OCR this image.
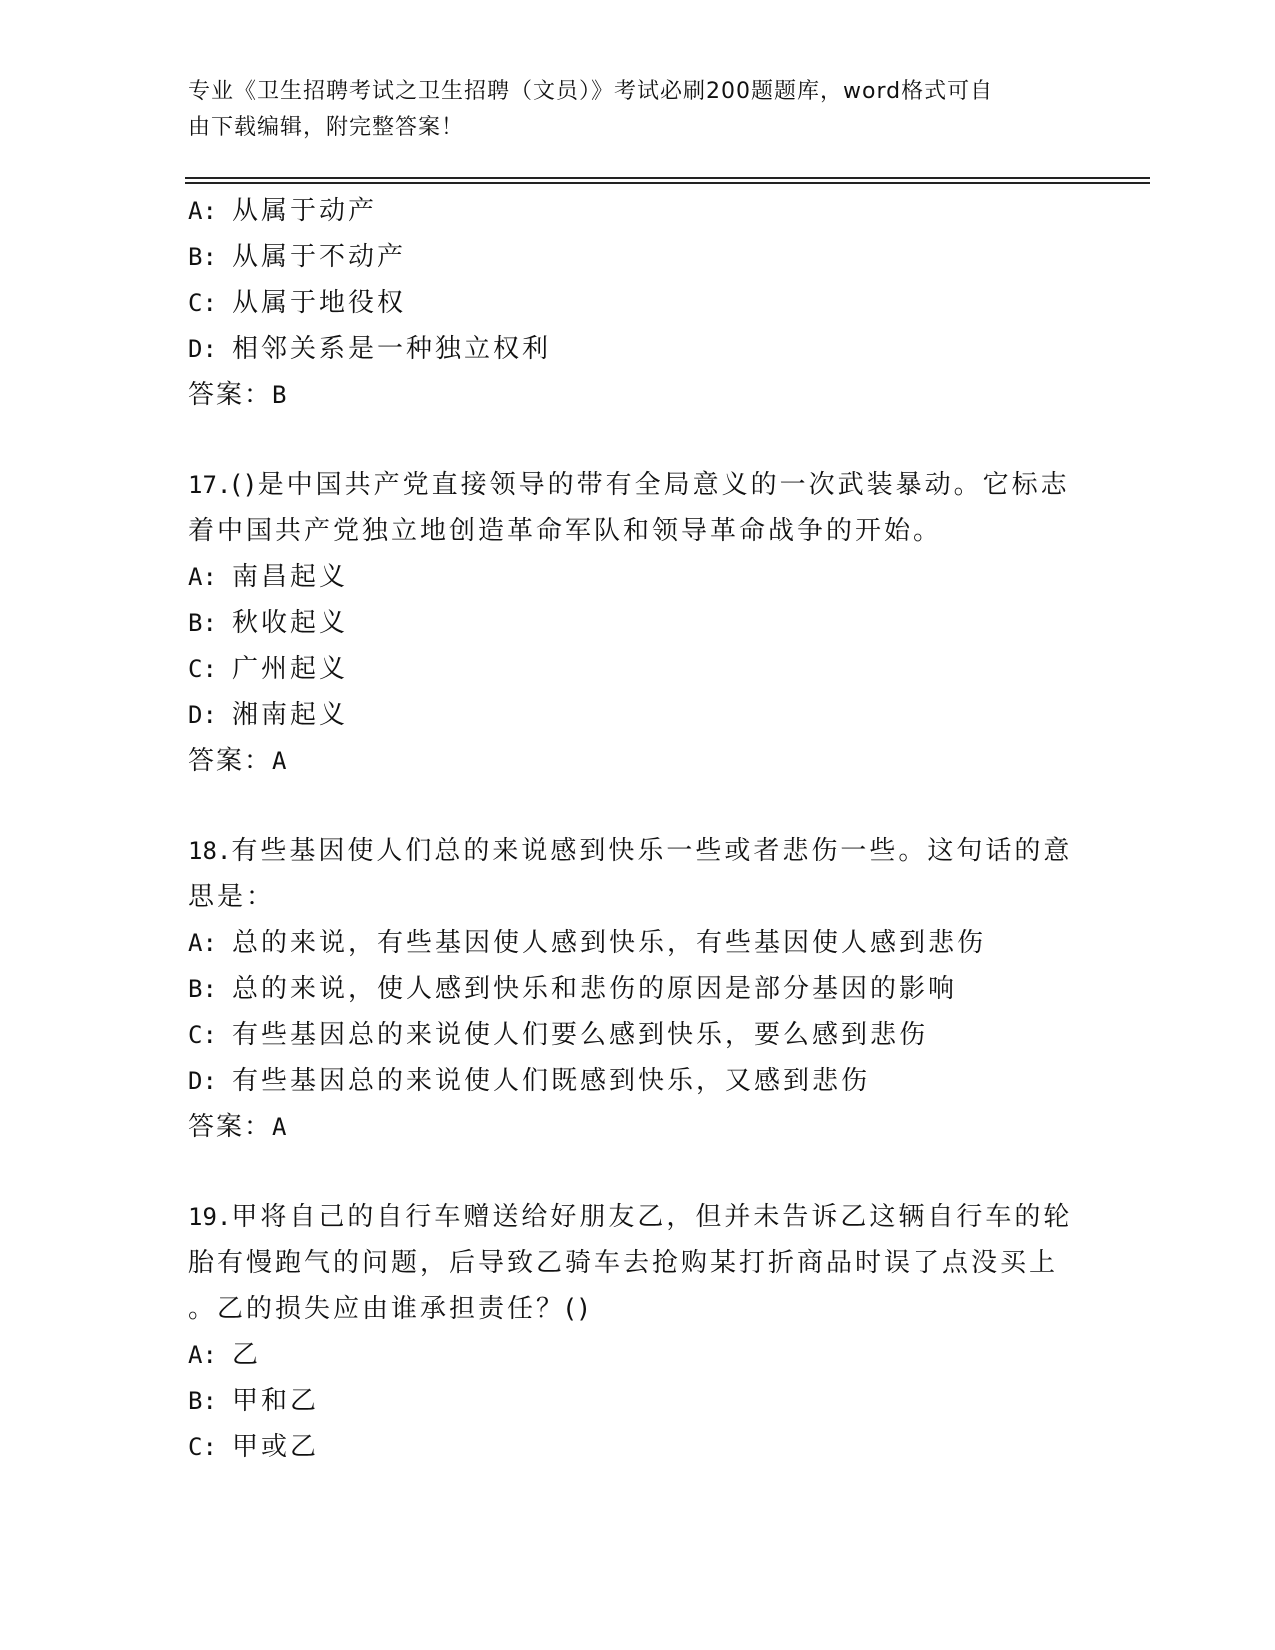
专业《卫生招聘考试之卫生招聘（文员）》考试必刷200题题库，word格式可自
由下载编辑，附完整答案！
A: 从属于动产
B: 从属于不动产
C: 从属于地役权
D: 相邻关系是一种独立权利
答案：B
17.()是中国共产党直接领导的带有全局意义的一次武装暴动。它标志
着中国共产党独立地创造革命军队和领导革命战争的开始。
A: 南昌起义
B: 秋收起义
C: 广州起义
D: 湘南起义
答案：A
18.有些基因使人们总的来说感到快乐一些或者悲伤一些。这句话的意
思是：
A: 总的来说，有些基因使人感到快乐，有些基因使人感到悲伤
B: 总的来说，使人感到快乐和悲伤的原因是部分基因的影响
C: 有些基因总的来说使人们要么感到快乐，要么感到悲伤
D: 有些基因总的来说使人们既感到快乐，又感到悲伤
答案：A
19.甲将自己的自行车赠送给好朋友乙，但并未告诉乙这辆自行车的轮
胎有慢跑气的问题，后导致乙骑车去抢购某打折商品时误了点没买上
。乙的损失应由谁承担责任？()
A: 乙
B: 甲和乙
C: 甲或乙
